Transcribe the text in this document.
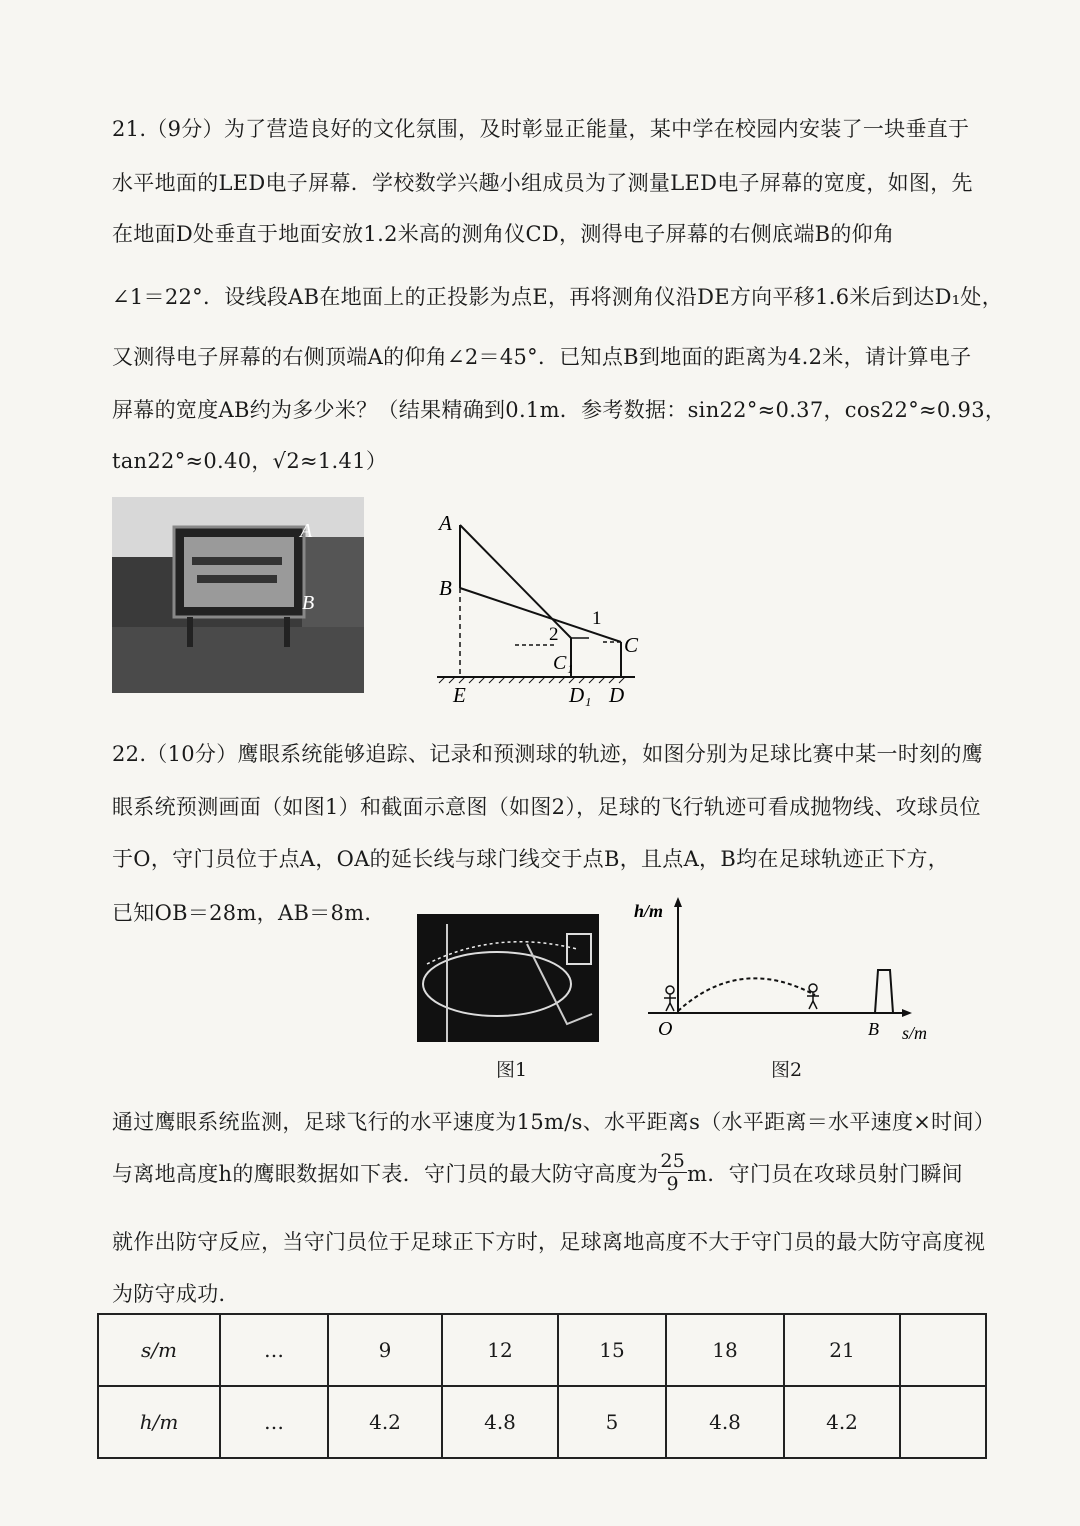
21.（9分）为了营造良好的文化氛围，及时彰显正能量，某中学在校园内安装了一块垂直于
水平地面的LED电子屏幕．学校数学兴趣小组成员为了测量LED电子屏幕的宽度，如图，先
在地面D处垂直于地面安放1.2米高的测角仪CD，测得电子屏幕的右侧底端B的仰角
∠1＝22°．设线段AB在地面上的正投影为点E，再将测角仪沿DE方向平移1.6米后到达D₁处，
又测得电子屏幕的右侧顶端A的仰角∠2＝45°．已知点B到地面的距离为4.2米，请计算电子
屏幕的宽度AB约为多少米？（结果精确到0.1m．参考数据：sin22°≈0.37，cos22°≈0.93，
tan22°≈0.40，√2≈1.41）
A
B
A
B
1
2	C
C₁
E	D₁ D
22.（10分）鹰眼系统能够追踪、记录和预测球的轨迹，如图分别为足球比赛中某一时刻的鹰
眼系统预测画面（如图1）和截面示意图（如图2），足球的飞行轨迹可看成抛物线、攻球员位
于O，守门员位于点A，OA的延长线与球门线交于点B，且点A，B均在足球轨迹正下方，
已知OB＝28m，AB＝8m．
图1
h/m
s/m
O	B
图2
通过鹰眼系统监测，足球飞行的水平速度为15m/s、水平距离s（水平距离＝水平速度×时间）
与离地高度h的鹰眼数据如下表．守门员的最大防守高度为 $\frac{25}{9}$ m．守门员在攻球员射门瞬间
就作出防守反应，当守门员位于足球正下方时，足球离地高度不大于守门员的最大防守高度视
为防守成功．
s/m	…	9	12	15	18	21	
h/m	…	4.2	4.8	5	4.8	4.2	
